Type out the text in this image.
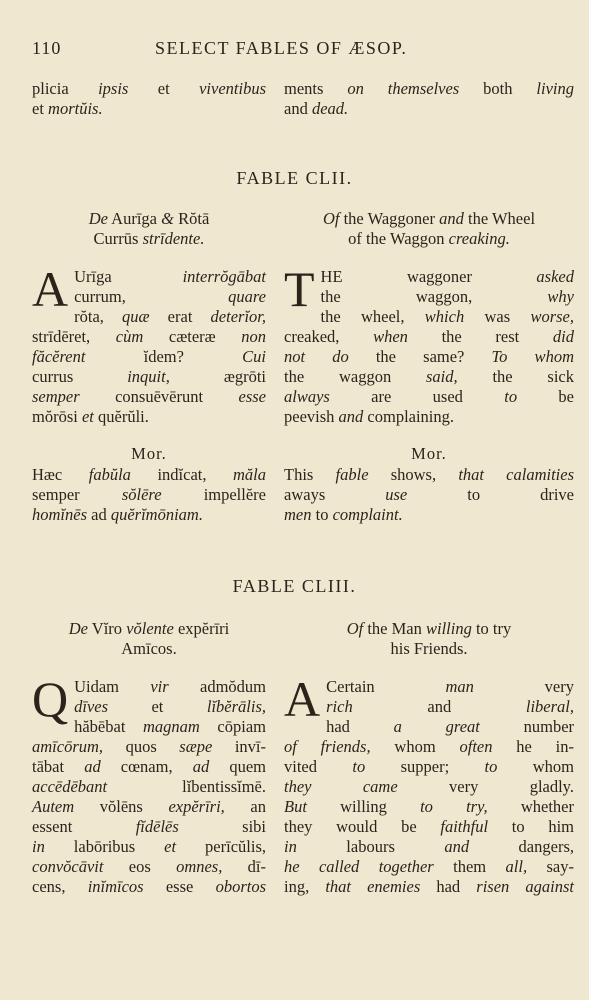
110	SELECT FABLES OF ÆSOP.
plicia ipsis et viventibus
et mortŭis.
ments on themselves both living
and dead.
FABLE CLII.
De Aurīga & Rŏtā
Currūs strīdente.
Of the Waggoner and the Wheel
of the Waggon creaking.
A Urīga interrŏgābat
currum, quare
rŏta, quæ erat deterĭor,
strīdēret, cùm cæteræ non
făcĕrent ĭdem? Cui
currus inquit, ægrōti
semper consuēvērunt esse
mŏrōsi et quĕrŭli.
T HE waggoner asked
the waggon, why
the wheel, which was worse,
creaked, when the rest did
not do the same? To whom
the waggon said, the sick
always are used to be
peevish and complaining.
Mor.	Mor.
Hæc fabŭla indĭcat, măla
semper sŏlēre impellĕre
homĭnēs ad quĕrĭmōniam.
This fable shows, that calamities
aways use to drive
men to complaint.
FABLE CLIII.
De Vĭro vŏlente expĕrīri
Amīcos.
Of the Man willing to try
his Friends.
Q Uidam vir admŏdum
dīves et lĭbĕrālis,
hăbēbat magnam cōpiam
amīcōrum, quos sæpe invī-
tābat ad cœnam, ad quem
accēdēbant lĭbentissĭmē.
Autem vŏlēns expĕrīri, an
essent fĭdēlēs sibi
in labōribus et perīcŭlis,
convŏcāvit eos omnes, dī-
cens, inĭmīcos esse obortos
A Certain man very
rich and liberal,
had a great number
of friends, whom often he in-
vited to supper; to whom
they came very gladly.
But willing to try, whether
they would be faithful to him
in labours and dangers,
he called together them all, say-
ing, that enemies had risen against
